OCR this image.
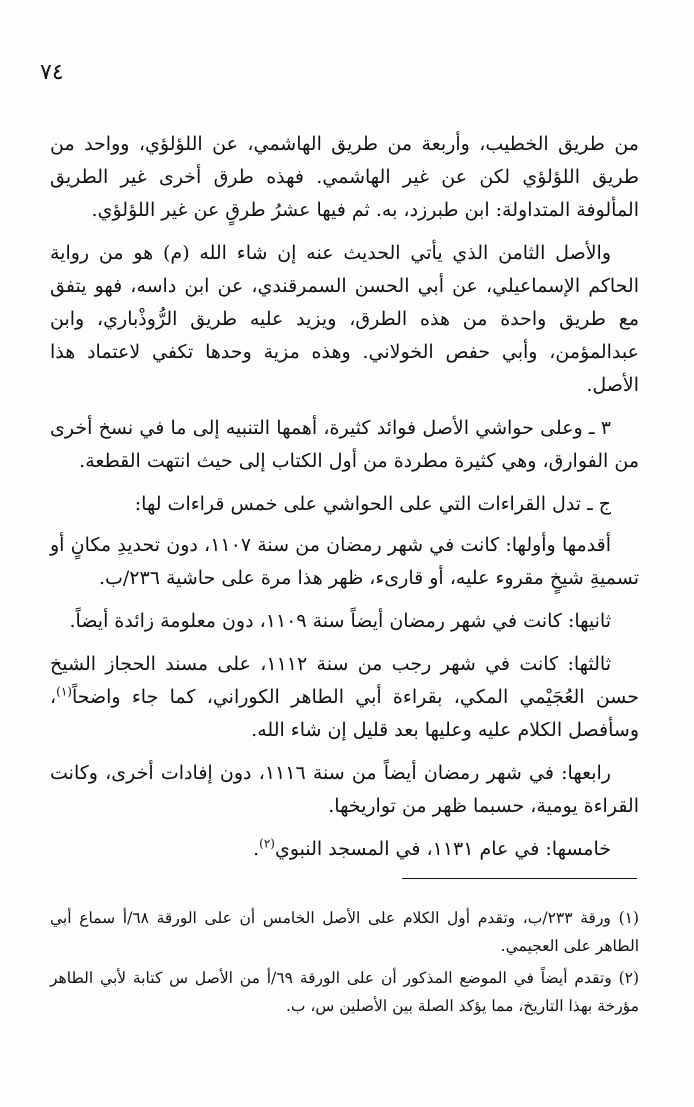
٧٤

من طريق الخطيب، وأربعة من طريق الهاشمي، عن اللؤلؤي، وواحد من طريق اللؤلؤي لكن عن غير الهاشمي. فهذه طرق أخرى غير الطريق المألوفة المتداولة: ابن طبرزد، به. ثم فيها عشرُ طرقٍ عن غير اللؤلؤي.

والأصل الثامن الذي يأتي الحديث عنه إن شاء الله (م) هو من رواية الحاكم الإسماعيلي، عن أبي الحسن السمرقندي، عن ابن داسه، فهو يتفق مع طريق واحدة من هذه الطرق، ويزيد عليه طريق الرُّوذْباري، وابن عبدالمؤمن، وأبي حفص الخولاني. وهذه مزية وحدها تكفي لاعتماد هذا الأصل.

٣ ـ وعلى حواشي الأصل فوائد كثيرة، أهمها التنبيه إلى ما في نسخ أخرى من الفوارق، وهي كثيرة مطردة من أول الكتاب إلى حيث انتهت القطعة.

ج ـ تدل القراءات التي على الحواشي على خمس قراءات لها:

أقدمها وأولها: كانت في شهر رمضان من سنة ١١٠٧، دون تحديدِ مكانٍ أو تسميةِ شيخٍ مقروء عليه، أو قارىء، ظهر هذا مرة على حاشية ٢٣٦/ب.

ثانيها: كانت في شهر رمضان أيضاً سنة ١١٠٩، دون معلومة زائدة أيضاً.

ثالثها: كانت في شهر رجب من سنة ١١١٢، على مسند الحجاز الشيخ حسن العُجَيْمي المكي، بقراءة أبي الطاهر الكوراني، كما جاء واضحاً$^{(١)}$، وسأفصل الكلام عليه وعليها بعد قليل إن شاء الله.

رابعها: في شهر رمضان أيضاً من سنة ١١١٦، دون إفادات أخرى، وكانت القراءة يومية، حسبما ظهر من تواريخها.

خامسها: في عام ١١٣١، في المسجد النبوي$^{(٢)}$.

(١) ورقة ٢٣٣/ب، وتقدم أول الكلام على الأصل الخامس أن على الورقة ٦٨/أ سماع أبي الطاهر على العجيمي.

(٢) وتقدم أيضاً في الموضع المذكور أن على الورقة ٦٩/أ من الأصل س كتابة لأبي الطاهر مؤرخة بهذا التاريخ، مما يؤكد الصلة بين الأصلين س، ب.
